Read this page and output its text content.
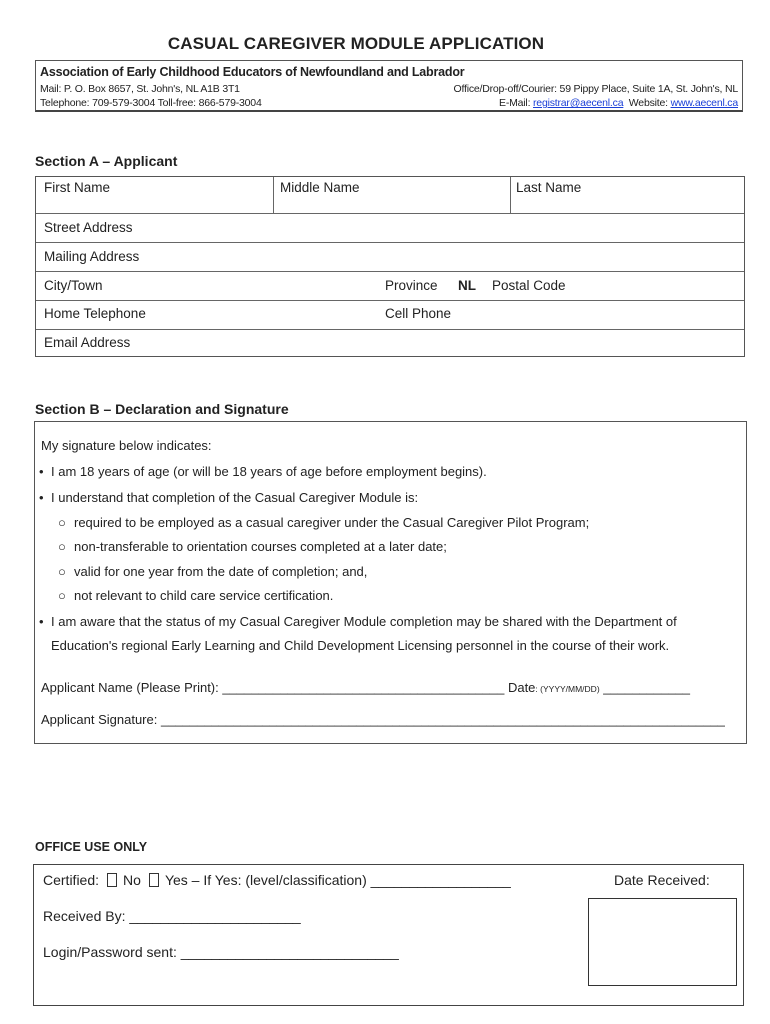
CASUAL CAREGIVER MODULE APPLICATION
Association of Early Childhood Educators of Newfoundland and Labrador
Mail: P. O. Box 8657, St. John's, NL A1B 3T1
Telephone: 709-579-3004 Toll-free: 866-579-3004
Office/Drop-off/Courier: 59 Pippy Place, Suite 1A, St. John's, NL
E-Mail: registrar@aecenl.ca Website: www.aecenl.ca
Section A – Applicant
First Name	Middle Name	Last Name
Street Address
Mailing Address
City/Town	Province NL Postal Code
Home Telephone	Cell Phone
Email Address
Section B – Declaration and Signature
My signature below indicates:
• I am 18 years of age (or will be 18 years of age before employment begins).
• I understand that completion of the Casual Caregiver Module is:
○ required to be employed as a casual caregiver under the Casual Caregiver Pilot Program;
○ non-transferable to orientation courses completed at a later date;
○ valid for one year from the date of completion; and,
○ not relevant to child care service certification.
• I am aware that the status of my Casual Caregiver Module completion may be shared with the Department of
Education's regional Early Learning and Child Development Licensing personnel in the course of their work.
Applicant Name (Please Print): _______________________________________ Date: (YYYY/MM/DD) ____________
Applicant Signature: ______________________________________________________________________________
OFFICE USE ONLY
Certified: No Yes – If Yes: (level/classification) __________________	Date Received:
Received By: ______________________
Login/Password sent: ____________________________
